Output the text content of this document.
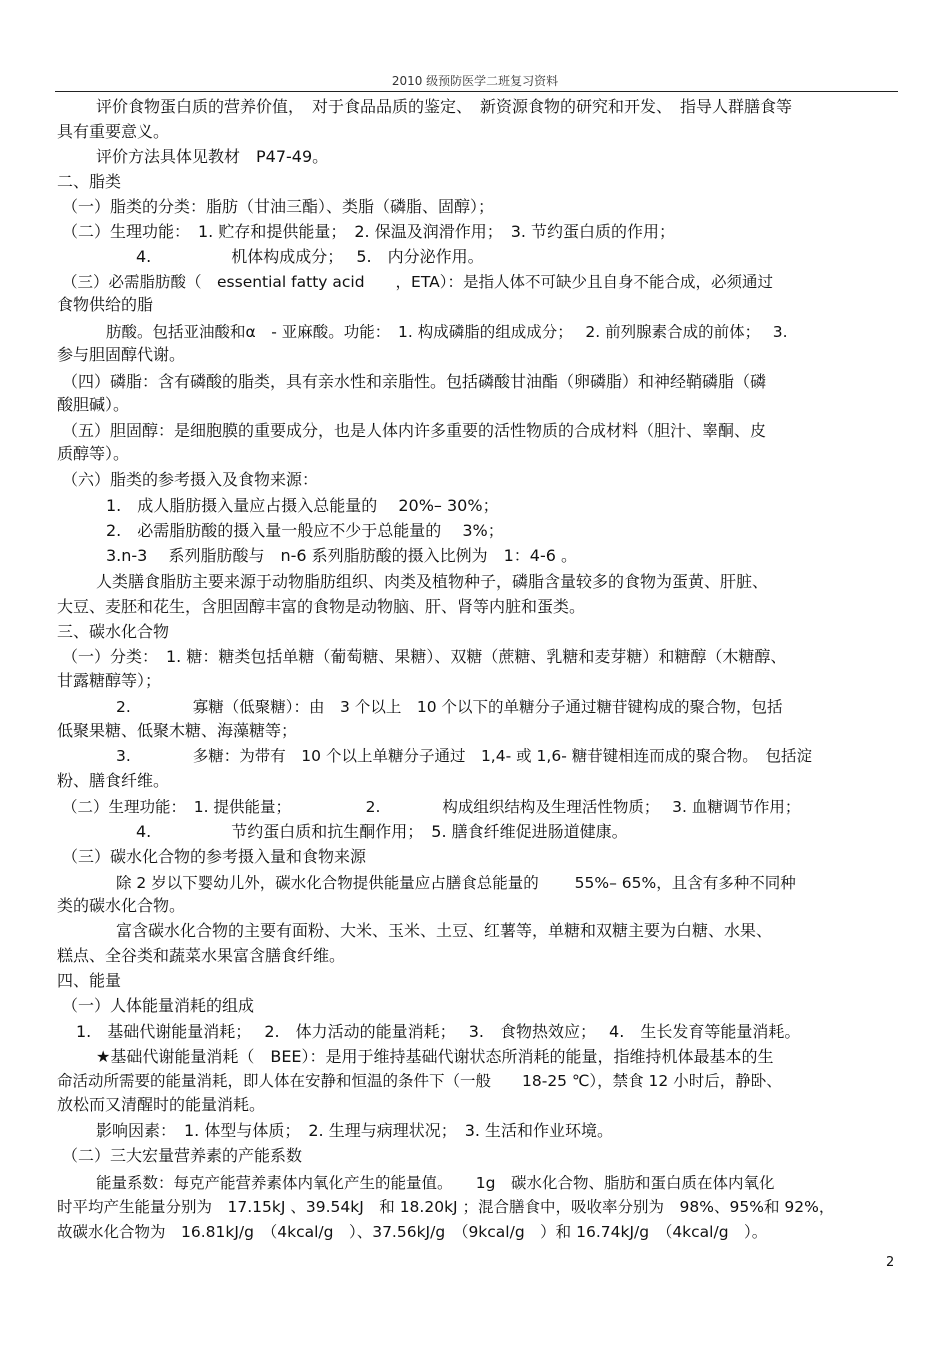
2010 级预防医学二班复习资料
评价食物蛋白质的营养价值，　对于食品品质的鉴定、　新资源食物的研究和开发、　指导人群膳食等
具有重要意义。
评价方法具体见教材　P47-49。
二、脂类
（一）脂类的分类：脂肪（甘油三酯）、类脂（磷脂、固醇）；
（二）生理功能：　1. 贮存和提供能量；　2. 保温及润滑作用；　3. 节约蛋白质的作用；
4.　　　　　机体构成成分；　 5.　内分泌作用。
（三）必需脂肪酸（　essential fatty acid　　，ETA）：是指人体不可缺少且自身不能合成，必须通过
食物供给的脂
肪酸。包括亚油酸和α　- 亚麻酸。功能：　1. 构成磷脂的组成成分；　 2. 前列腺素合成的前体；　 3.
参与胆固醇代谢。
（四）磷脂：含有磷酸的脂类，具有亲水性和亲脂性。包括磷酸甘油酯（卵磷脂）和神经鞘磷脂（磷
酸胆碱）。
（五）胆固醇：是细胞膜的重要成分，也是人体内许多重要的活性物质的合成材料（胆汁、睾酮、皮
质醇等）。
（六）脂类的参考摄入及食物来源：
1.　成人脂肪摄入量应占摄入总能量的　 20%– 30%；
2.　必需脂肪酸的摄入量一般应不少于总能量的　 3%；
3.n-3　 系列脂肪酸与　n-6 系列脂肪酸的摄入比例为　1：4-6 。
人类膳食脂肪主要来源于动物脂肪组织、肉类及植物种子，磷脂含量较多的食物为蛋黄、肝脏、
大豆、麦胚和花生，含胆固醇丰富的食物是动物脑、肝、肾等内脏和蛋类。
三、碳水化合物
（一）分类：　1. 糖：糖类包括单糖（葡萄糖、果糖）、双糖（蔗糖、乳糖和麦芽糖）和糖醇（木糖醇、
甘露糖醇等）；
2.　　　　寡糖（低聚糖）：由　3 个以上　10 个以下的单糖分子通过糖苷键构成的聚合物，包括
低聚果糖、低聚木糖、海藻糖等；
3.　　　　多糖：为带有　10 个以上单糖分子通过　1,4- 或 1,6- 糖苷键相连而成的聚合物。　包括淀
粉、膳食纤维。
（二）生理功能：　1. 提供能量；　　　　　 2.　　　　构成组织结构及生理活性物质；　 3. 血糖调节作用；
4.　　　　　节约蛋白质和抗生酮作用；　5. 膳食纤维促进肠道健康。
（三）碳水化合物的参考摄入量和食物来源
除 2 岁以下婴幼儿外，碳水化合物提供能量应占膳食总能量的　　 55%– 65%，且含有多种不同种
类的碳水化合物。
富含碳水化合物的主要有面粉、大米、玉米、土豆、红薯等，单糖和双糖主要为白糖、水果、
糕点、全谷类和蔬菜水果富含膳食纤维。
四、能量
（一）人体能量消耗的组成
1.　基础代谢能量消耗；　 2.　体力活动的能量消耗；　 3.　食物热效应；　 4.　生长发育等能量消耗。
★基础代谢能量消耗（　BEE）：是用于维持基础代谢状态所消耗的能量，指维持机体最基本的生
命活动所需要的能量消耗，即人体在安静和恒温的条件下（一般　　18-25 ℃），禁食 12 小时后，静卧、
放松而又清醒时的能量消耗。
影响因素：　1. 体型与体质；　2. 生理与病理状况；　3. 生活和作业环境。
（二）三大宏量营养素的产能系数
能量系数：每克产能营养素体内氧化产生的能量值。　　1g　碳水化合物、脂肪和蛋白质在体内氧化
时平均产生能量分别为　17.15kJ 、39.54kJ　和 18.20kJ ；混合膳食中，吸收率分别为　98%、95%和 92%，
故碳水化合物为　16.81kJ/g　（4kcal/g　）、37.56kJ/g　（9kcal/g　）和 16.74kJ/g　（4kcal/g　）。
2
